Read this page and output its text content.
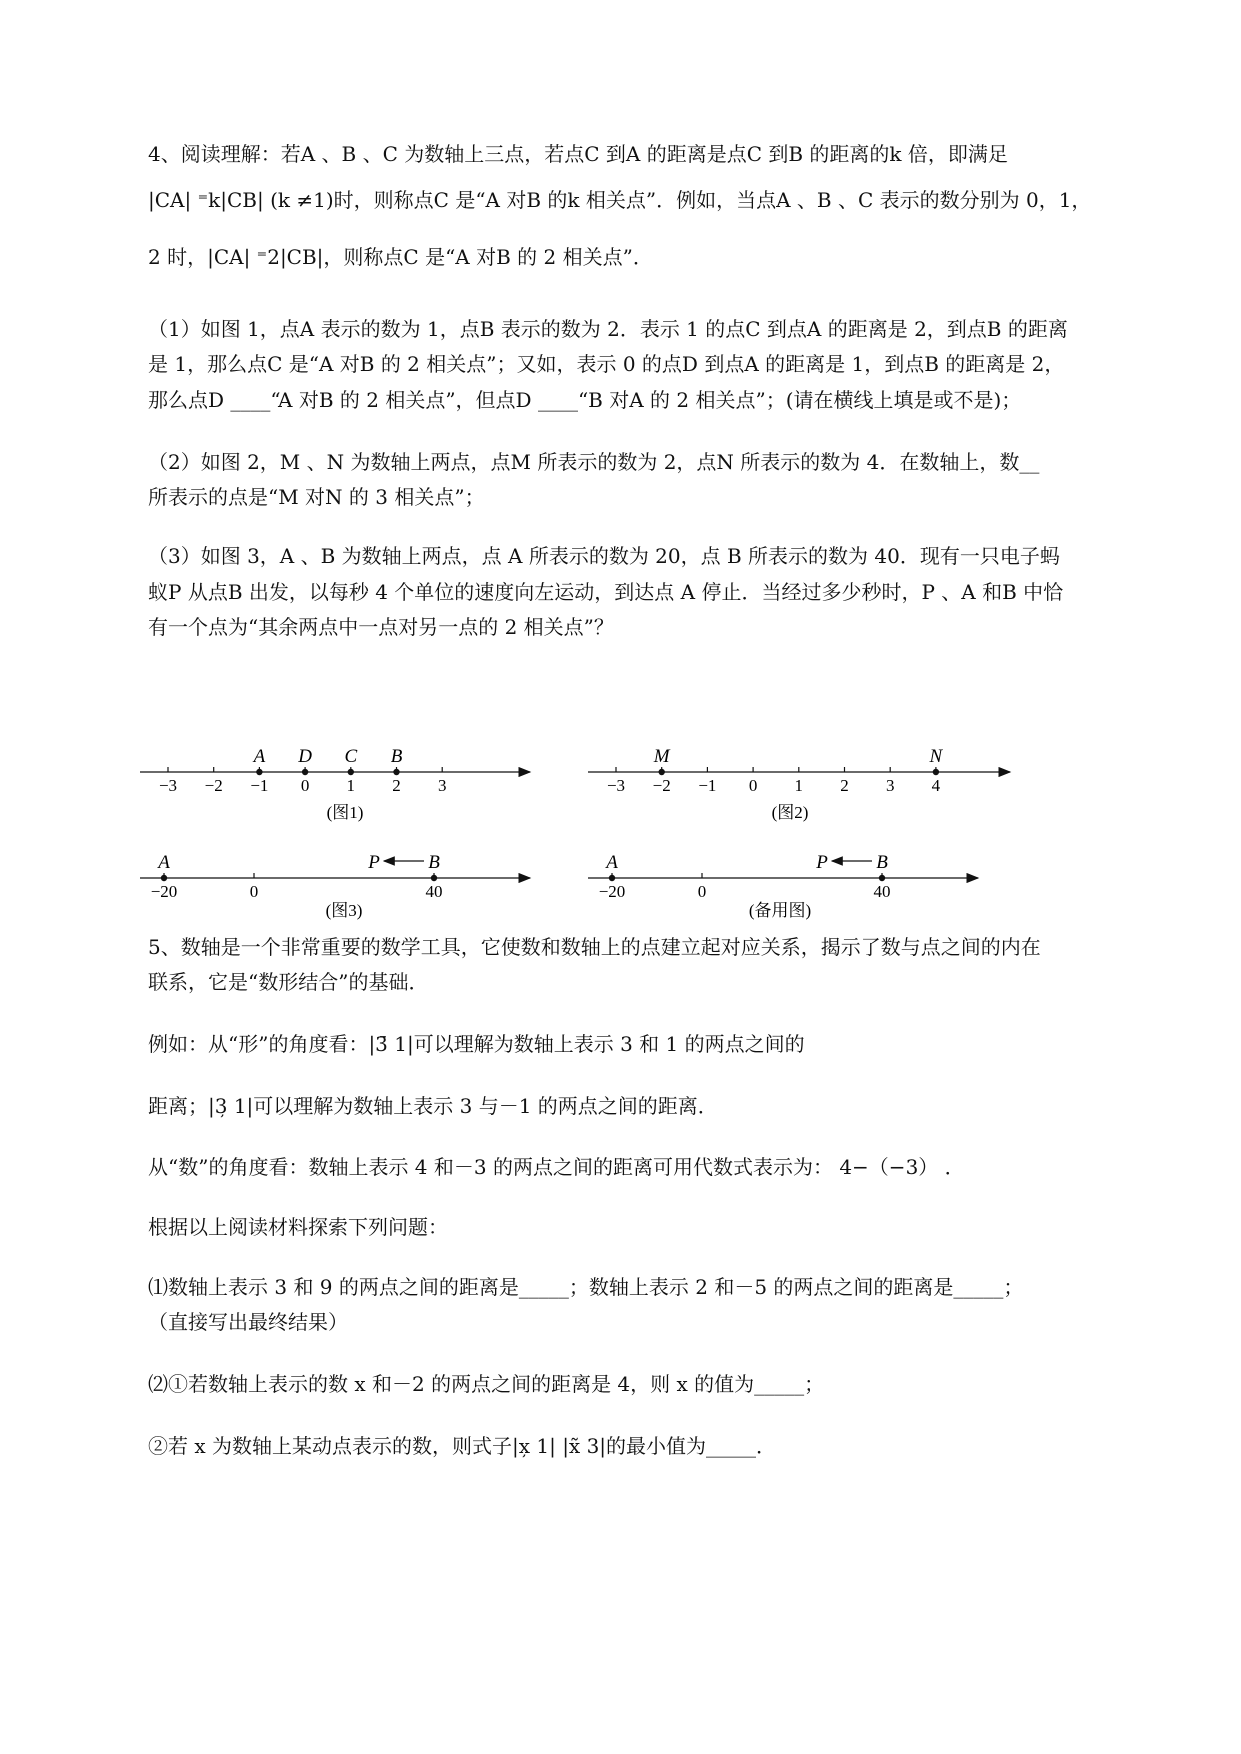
4、阅读理解：若A 、B 、C 为数轴上三点，若点C 到A 的距离是点C 到B 的距离的k 倍，即满足
|CA| ⁼k|CB| (k ≠1)时，则称点C 是“A 对B 的k 相关点”．例如，当点A 、B 、C 表示的数分别为 0，1，
2 时，|CA| ⁼2|CB|，则称点C 是“A 对B 的 2 相关点”．
（1）如图 1，点A 表示的数为 1，点B 表示的数为 2．表示 1 的点C 到点A 的距离是 2，到点B 的距离
是 1，那么点C 是“A 对B 的 2 相关点”；又如，表示 0 的点D 到点A 的距离是 1，到点B 的距离是 2，
那么点D ____“A 对B 的 2 相关点”，但点D ____“B 对A 的 2 相关点”；(请在横线上填是或不是)；
（2）如图 2，M 、N 为数轴上两点，点M 所表示的数为 2，点N 所表示的数为 4．在数轴上，数__
所表示的点是“M 对N 的 3 相关点”；
（3）如图 3，A 、B 为数轴上两点，点 A 所表示的数为 20，点 B 所表示的数为 40．现有一只电子蚂
蚁P 从点B 出发，以每秒 4 个单位的速度向左运动，到达点 A 停止．当经过多少秒时，P 、A 和B 中恰
有一个点为“其余两点中一点对另一点的 2 相关点”？
−3 −2 −1 0 1 2 3
A D C B
(图1)
−3 −2 −1 0 1 2 3 4
M	N
(图2)
−20	0	40
A	B
P
(图3)
−20	0	40
A	B
P
(备用图)
5、数轴是一个非常重要的数学工具，它使数和数轴上的点建立起对应关系，揭示了数与点之间的内在
联系，它是“数形结合”的基础．
例如：从“形”的角度看：|3̄ 1|可以理解为数轴上表示 3 和 1 的两点之间的
距离；|3̦ 1|可以理解为数轴上表示 3 与－1 的两点之间的距离．
从“数”的角度看：数轴上表示 4 和－3 的两点之间的距离可用代数式表示为： 4−（−3） ．
根据以上阅读材料探索下列问题：
⑴数轴上表示 3 和 9 的两点之间的距离是_____；数轴上表示 2 和－5 的两点之间的距离是_____；
（直接写出最终结果）
⑵①若数轴上表示的数 x 和－2 的两点之间的距离是 4，则 x 的值为_____；
②若 x 为数轴上某动点表示的数，则式子|x̦ 1| |x̃ 3|的最小值为_____．
